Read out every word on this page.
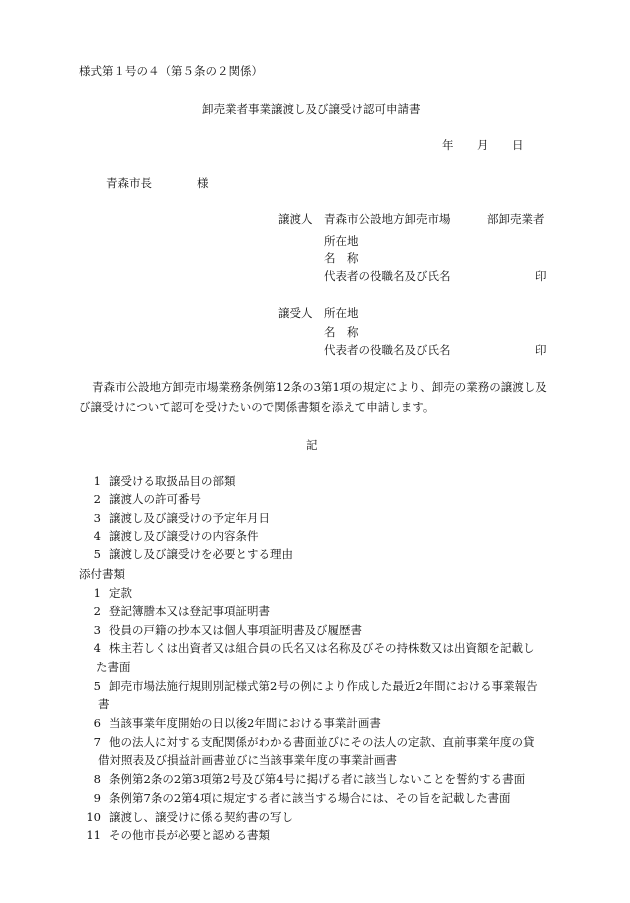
様式第１号の４（第５条の２関係）
卸売業者事業譲渡し及び譲受け認可申請書
年 月 日
青森市長	様
譲渡人 青森市公設地方卸売市場	部卸売業者
所在地
名　称
代表者の役職名及び氏名	印
譲受人 所在地
名　称
代表者の役職名及び氏名	印
青森市公設地方卸売市場業務条例第12条の3第1項の規定により、卸売の業務の譲渡し及
び譲受けについて認可を受けたいので関係書類を添えて申請します。
記
1 譲受ける取扱品目の部類
2 譲渡人の許可番号
3 譲渡し及び譲受けの予定年月日
4 譲渡し及び譲受けの内容条件
5 譲渡し及び譲受けを必要とする理由
添付書類
1 定款
2 登記簿謄本又は登記事項証明書
3 役員の戸籍の抄本又は個人事項証明書及び履歴書
4 株主若しくは出資者又は組合員の氏名又は名称及びその持株数又は出資額を記載し
た書面
5 卸売市場法施行規則別記様式第2号の例により作成した最近2年間における事業報告
書
6 当該事業年度開始の日以後2年間における事業計画書
7 他の法人に対する支配関係がわかる書面並びにその法人の定款、直前事業年度の貸
借対照表及び損益計画書並びに当該事業年度の事業計画書
8 条例第2条の2第3項第2号及び第4号に掲げる者に該当しないことを誓約する書面
9 条例第7条の2第4項に規定する者に該当する場合には、その旨を記載した書面
10 譲渡し、譲受けに係る契約書の写し
11 その他市長が必要と認める書類
